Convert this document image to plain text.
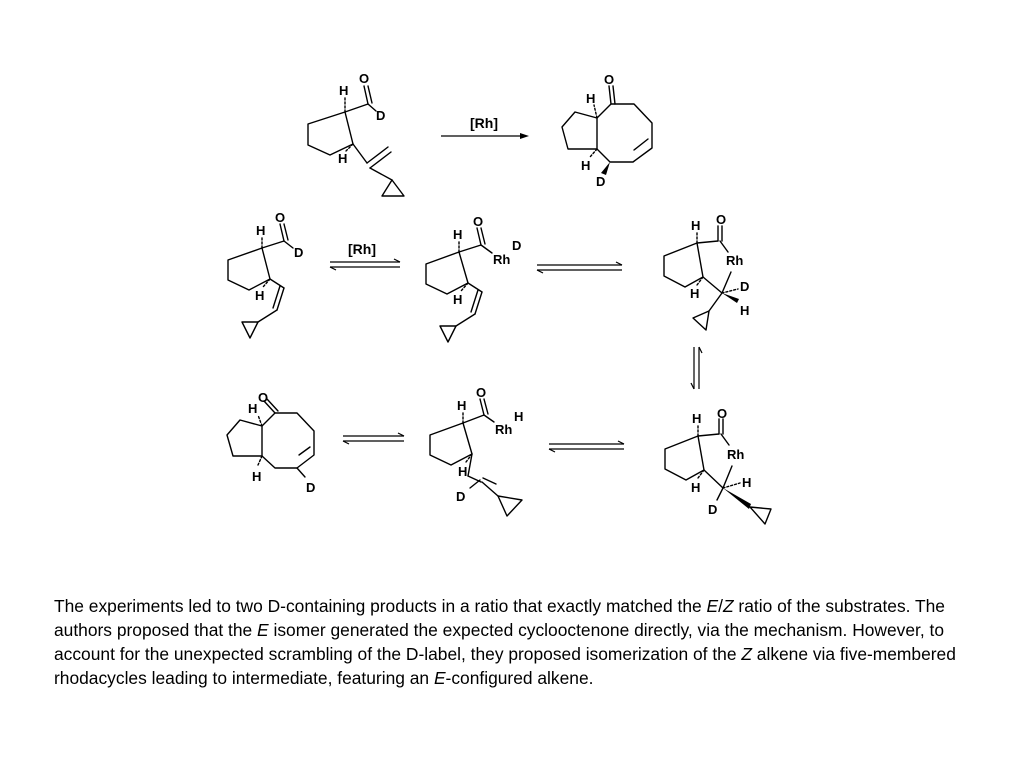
H
O
D
H
[Rh]
O
H
H
D
H
O
D
H
[Rh]
H
O
Rh
D
H
H O
Rh
H	D
H
O
H
H
D
H
O
Rh
H
H
D
H O
Rh
H	H
D

The experiments led to two D-containing products in a ratio that exactly matched the E/Z ratio of the substrates. The authors proposed that the E isomer generated the expected cyclooctenone directly, via the mechanism. However, to account for the unexpected scrambling of the D-label, they proposed isomerization of the Z alkene via five-membered rhodacycles leading to intermediate, featuring an E-configured alkene.
